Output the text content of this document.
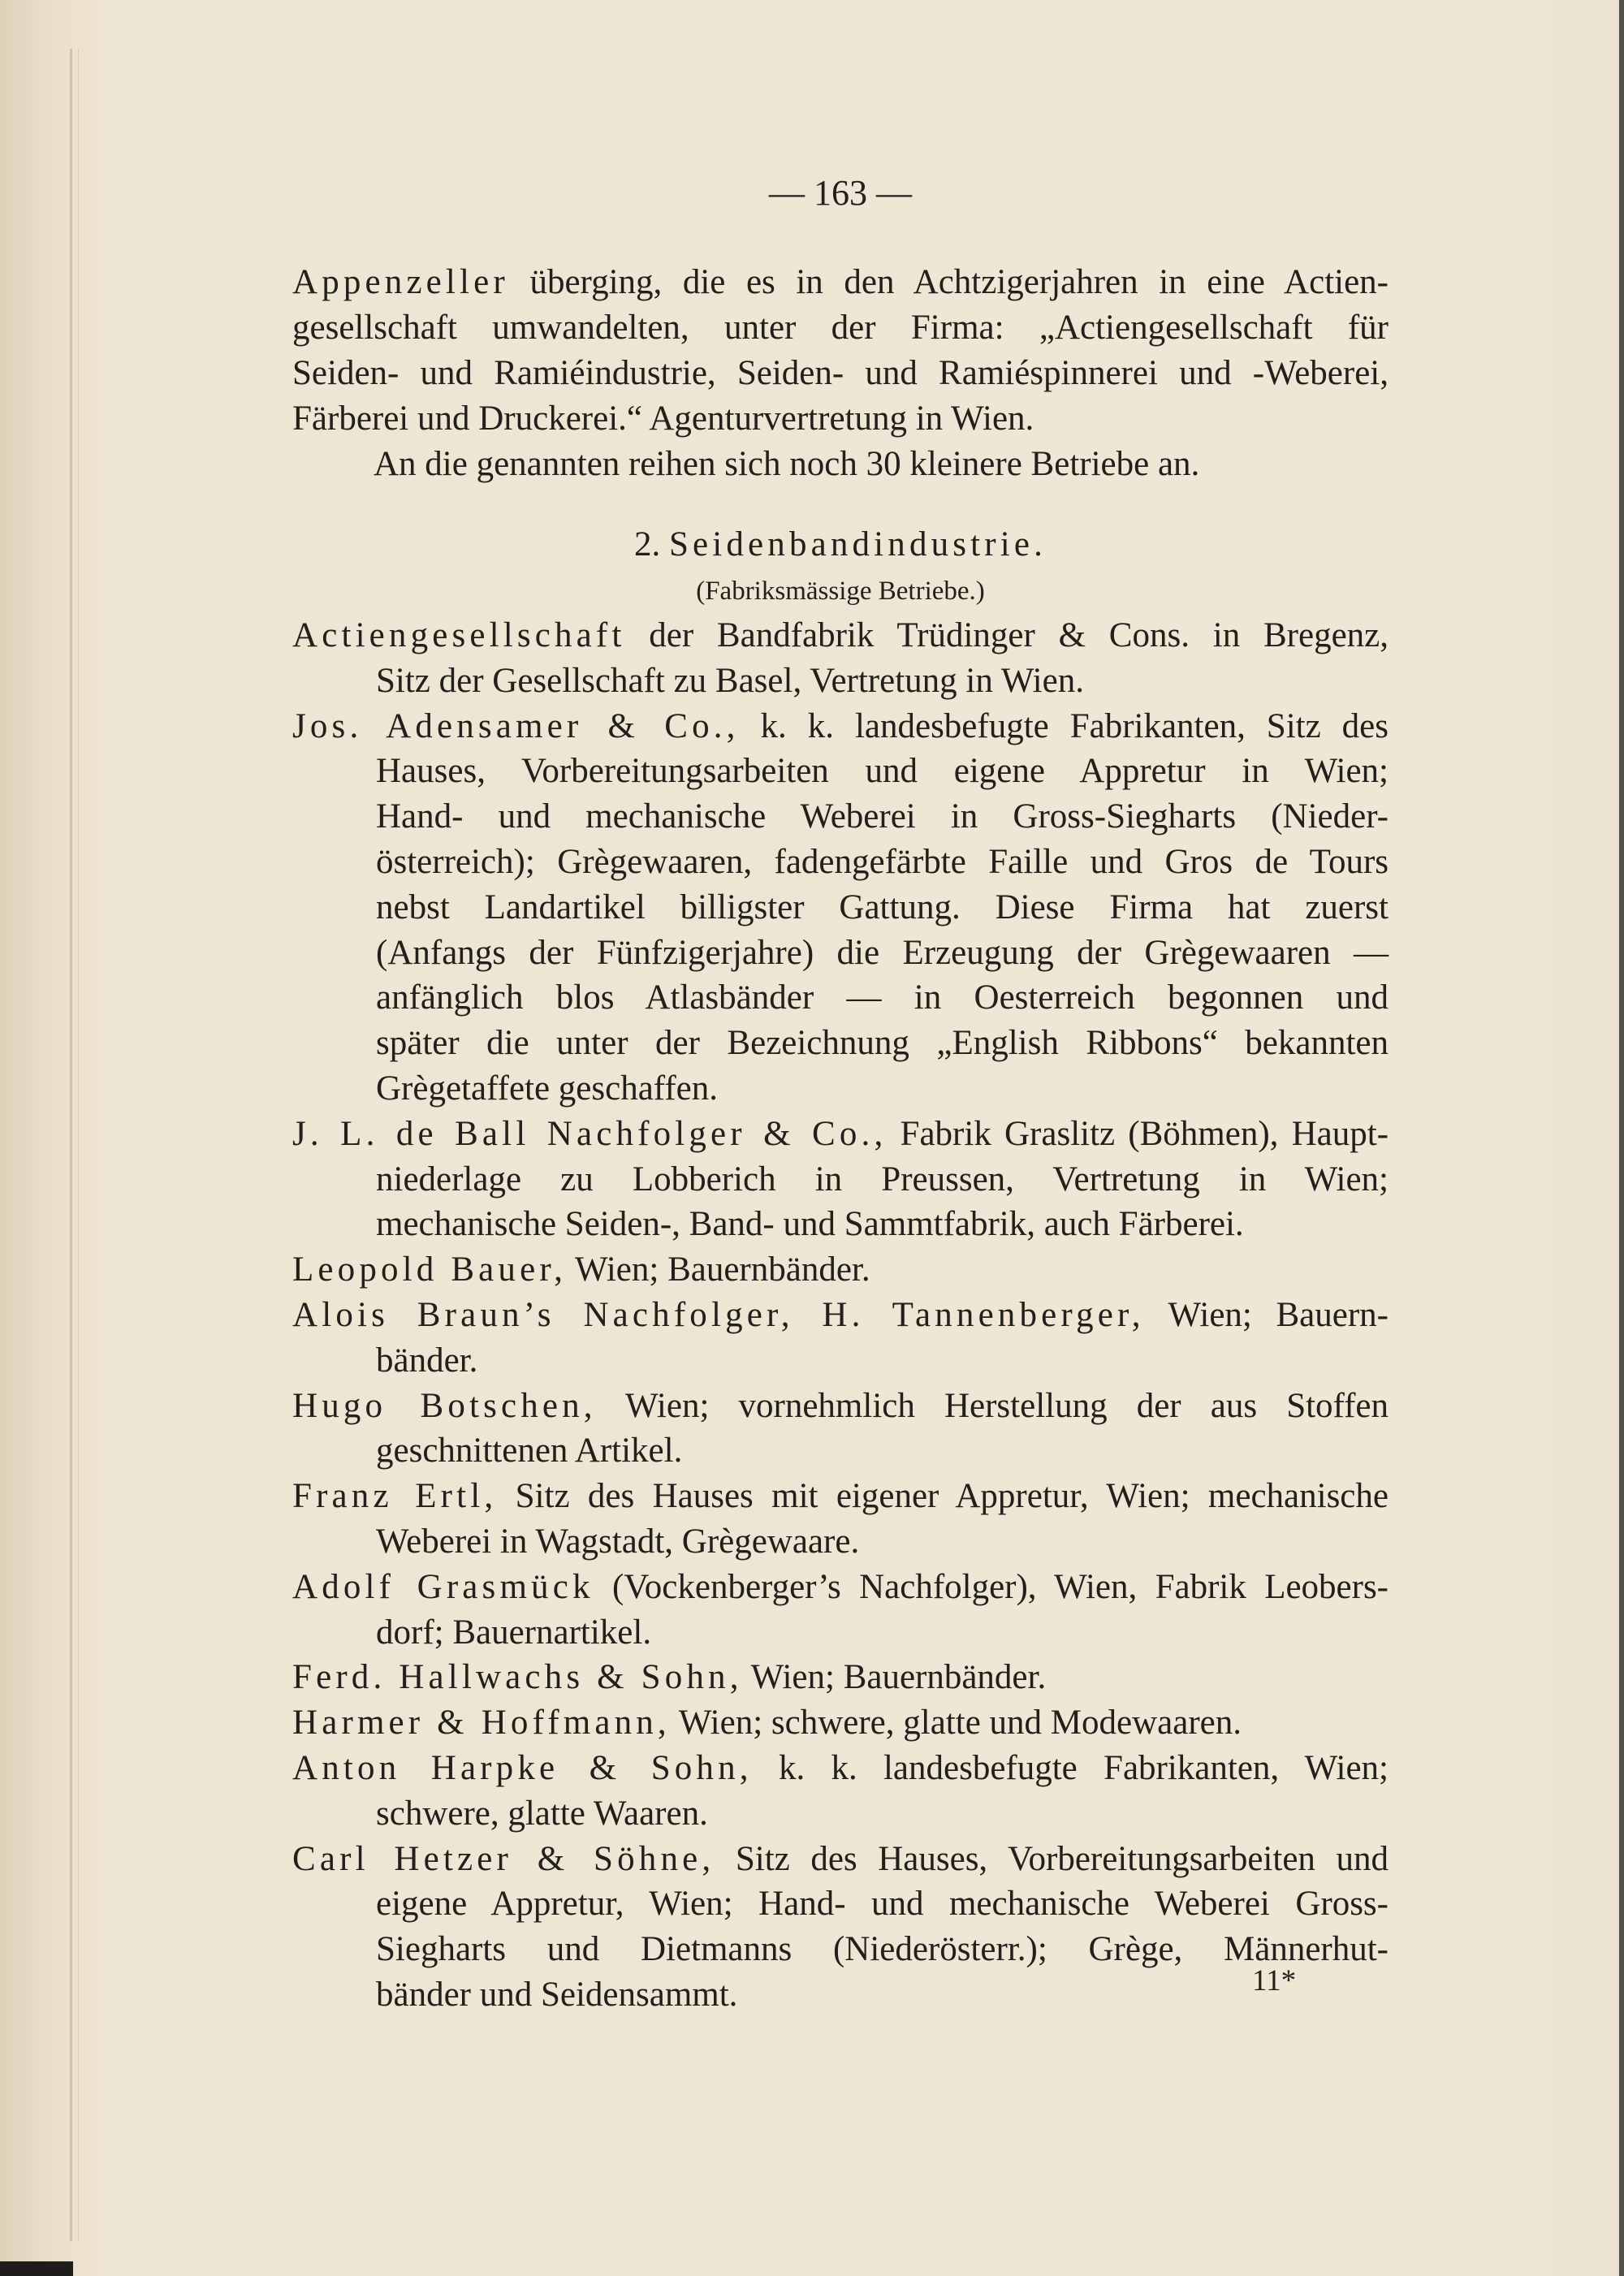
— 163 —
Appenzeller überging, die es in den Achtzigerjahren in eine Actien-
gesellschaft umwandelten, unter der Firma: „Actiengesellschaft für
Seiden- und Ramiéindustrie, Seiden- und Ramiéspinnerei und -Weberei,
Färberei und Druckerei.“ Agenturvertretung in Wien.
An die genannten reihen sich noch 30 kleinere Betriebe an.
2. Seidenbandindustrie.
(Fabriksmässige Betriebe.)
Actiengesellschaft der Bandfabrik Trüdinger & Cons. in Bregenz,
Sitz der Gesellschaft zu Basel, Vertretung in Wien.
Jos. Adensamer & Co., k. k. landesbefugte Fabrikanten, Sitz des
Hauses, Vorbereitungsarbeiten und eigene Appretur in Wien;
Hand- und mechanische Weberei in Gross-Siegharts (Nieder-
österreich); Grègewaaren, fadengefärbte Faille und Gros de Tours
nebst Landartikel billigster Gattung. Diese Firma hat zuerst
(Anfangs der Fünfzigerjahre) die Erzeugung der Grègewaaren —
anfänglich blos Atlasbänder — in Oesterreich begonnen und
später die unter der Bezeichnung „English Ribbons“ bekannten
Grègetaffete geschaffen.
J. L. de Ball Nachfolger & Co., Fabrik Graslitz (Böhmen), Haupt-
niederlage zu Lobberich in Preussen, Vertretung in Wien;
mechanische Seiden-, Band- und Sammtfabrik, auch Färberei.
Leopold Bauer, Wien; Bauernbänder.
Alois Braun’s Nachfolger, H. Tannenberger, Wien; Bauern-
bänder.
Hugo Botschen, Wien; vornehmlich Herstellung der aus Stoffen
geschnittenen Artikel.
Franz Ertl, Sitz des Hauses mit eigener Appretur, Wien; mechanische
Weberei in Wagstadt, Grègewaare.
Adolf Grasmück (Vockenberger’s Nachfolger), Wien, Fabrik Leobers-
dorf; Bauernartikel.
Ferd. Hallwachs & Sohn, Wien; Bauernbänder.
Harmer & Hoffmann, Wien; schwere, glatte und Modewaaren.
Anton Harpke & Sohn, k. k. landesbefugte Fabrikanten, Wien;
schwere, glatte Waaren.
Carl Hetzer & Söhne, Sitz des Hauses, Vorbereitungsarbeiten und
eigene Appretur, Wien; Hand- und mechanische Weberei Gross-
Siegharts und Dietmanns (Niederösterr.); Grège, Männerhut-
bänder und Seidensammt.	11*
